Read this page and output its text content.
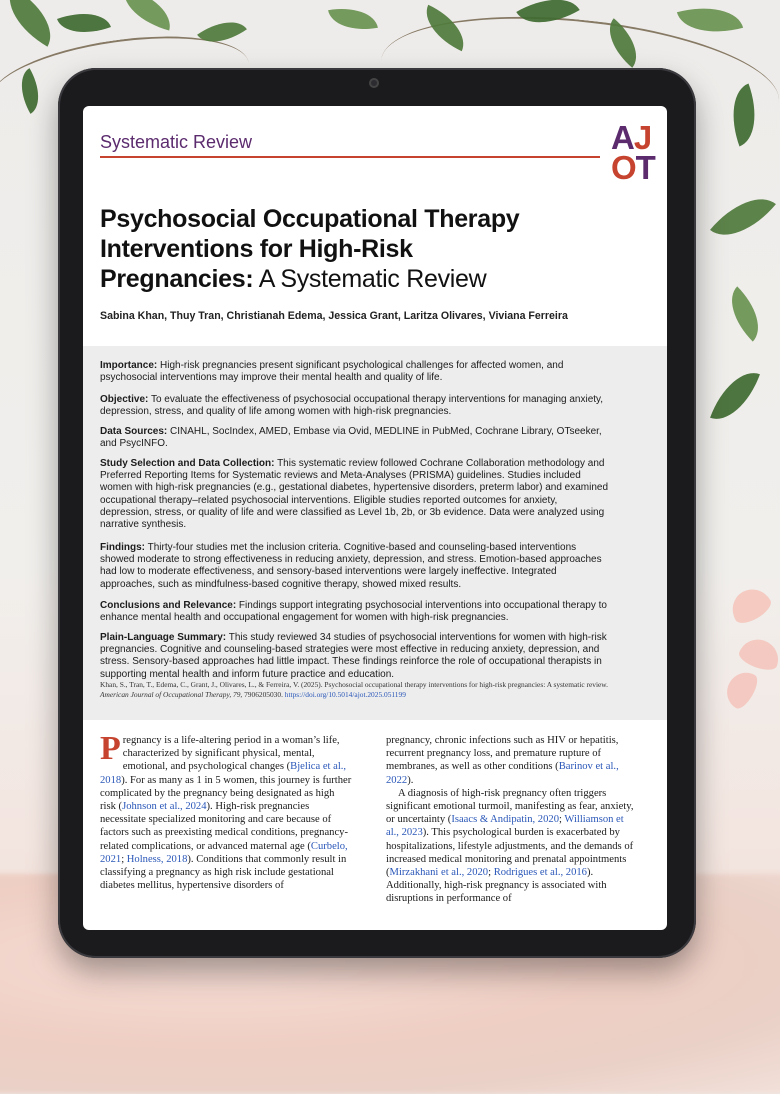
Systematic Review	AJ
OT
Psychosocial Occupational Therapy
Interventions for High-Risk
Pregnancies: A Systematic Review
Sabina Khan, Thuy Tran, Christianah Edema, Jessica Grant, Laritza Olivares, Viviana Ferreira
Importance: High-risk pregnancies present significant psychological challenges for affected women, and psychosocial interventions may improve their mental health and quality of life.
Objective: To evaluate the effectiveness of psychosocial occupational therapy interventions for managing anxiety, depression, stress, and quality of life among women with high-risk pregnancies.
Data Sources: CINAHL, SocIndex, AMED, Embase via Ovid, MEDLINE in PubMed, Cochrane Library, OTseeker, and PsycINFO.
Study Selection and Data Collection: This systematic review followed Cochrane Collaboration methodology and Preferred Reporting Items for Systematic reviews and Meta-Analyses (PRISMA) guidelines. Studies included women with high-risk pregnancies (e.g., gestational diabetes, hypertensive disorders, preterm labor) and examined occupational therapy–related psychosocial interventions. Eligible studies reported outcomes for anxiety, depression, stress, or quality of life and were classified as Level 1b, 2b, or 3b evidence. Data were analyzed using narrative synthesis.
Findings: Thirty-four studies met the inclusion criteria. Cognitive-based and counseling-based interventions showed moderate to strong effectiveness in reducing anxiety, depression, and stress. Emotion-based approaches had low to moderate effectiveness, and sensory-based interventions were largely ineffective. Integrated approaches, such as mindfulness-based cognitive therapy, showed mixed results.
Conclusions and Relevance: Findings support integrating psychosocial interventions into occupational therapy to enhance mental health and occupational engagement for women with high-risk pregnancies.
Plain-Language Summary: This study reviewed 34 studies of psychosocial interventions for women with high-risk pregnancies. Cognitive and counseling-based strategies were most effective in reducing anxiety, depression, and stress. Sensory-based approaches had little impact. These findings reinforce the role of occupational therapists in supporting mental health and inform future practice and education.
Khan, S., Tran, T., Edema, C., Grant, J., Olivares, L., & Ferreira, V. (2025). Psychosocial occupational therapy interventions for high-risk pregnancies: A systematic review. American Journal of Occupational Therapy, 79, 7906205030. https://doi.org/10.5014/ajot.2025.051199
Pregnancy is a life-altering period in a woman’s life, characterized by significant physical, mental, emotional, and psychological changes (Bjelica et al., 2018). For as many as 1 in 5 women, this journey is further complicated by the pregnancy being designated as high risk (Johnson et al., 2024). High-risk pregnancies necessitate specialized monitoring and care because of factors such as preexisting medical conditions, pregnancy-related complications, or advanced maternal age (Curbelo, 2021; Holness, 2018). Conditions that commonly result in classifying a pregnancy as high risk include gestational diabetes mellitus, hypertensive disorders of
pregnancy, chronic infections such as HIV or hepatitis, recurrent pregnancy loss, and premature rupture of membranes, as well as other conditions (Barinov et al., 2022).
A diagnosis of high-risk pregnancy often triggers significant emotional turmoil, manifesting as fear, anxiety, or uncertainty (Isaacs & Andipatin, 2020; Williamson et al., 2023). This psychological burden is exacerbated by hospitalizations, lifestyle adjustments, and the demands of increased medical monitoring and prenatal appointments (Mirzakhani et al., 2020; Rodrigues et al., 2016). Additionally, high-risk pregnancy is associated with disruptions in performance of
